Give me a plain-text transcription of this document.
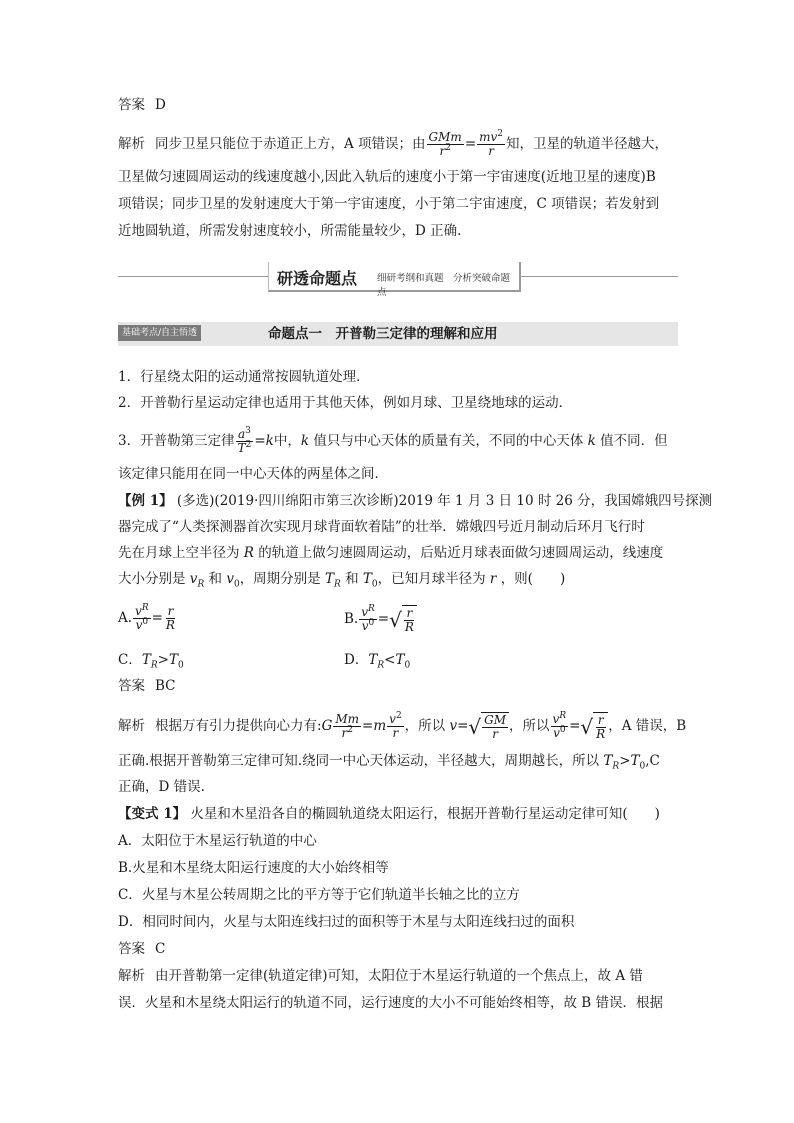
答案 D
解析 同步卫星只能位于赤道正上方，A 项错误；由 $\frac{\text{GMm}}{r^2} = \frac{mv^2}{r}$ 知，卫星的轨道半径越大，
卫星做匀速圆周运动的线速度越小,因此入轨后的速度小于第一宇宙速度(近地卫星的速度)B
项错误；同步卫星的发射速度大于第一宇宙速度，小于第二宇宙速度，C 项错误；若发射到
近地圆轨道，所需发射速度较小，所需能量较少，D 正确.
研透命题点 细研考纲和真题　分析突破命题点
基础考点/自主悟透	命题点一　开普勒三定律的理解和应用
1．行星绕太阳的运动通常按圆轨道处理．
2．开普勒行星运动定律也适用于其他天体，例如月球、卫星绕地球的运动．
3．开普勒第三定律 $\frac{a^3}{T^2} =k$中，k 值只与中心天体的质量有关，不同的中心天体 k 值不同．但
该定律只能用在同一中心天体的两星体之间．
【例 1】 (多选)(2019·四川绵阳市第三次诊断)2019 年 1 月 3 日 10 时 26 分，我国嫦娥四号探测
器完成了“人类探测器首次实现月球背面软着陆”的壮举．嫦娥四号近月制动后环月飞行时
先在月球上空半径为 R 的轨道上做匀速圆周运动，后贴近月球表面做匀速圆周运动，线速度
大小分别是 $v_R$ 和 $v_0$，周期分别是 $T_R$ 和 $T_0$，已知月球半径为 r ，则(　　)
A. $\frac{v^R}{v^0} = \frac{r}{R}$	B. $\frac{v^R}{v^0}$ = √ $\frac{r}{R}$
C．$T_R>T_0$	D．$T_R<T_0$
答案 BC
解析 根据万有引力提供向心力有:G $\frac{Mm}{r^2} =m \frac{v^2}{r}$ ，所以 v= √ $\frac{GM}{r}$ ，所以 $\frac{v^R}{v^0}$ = √ $\frac{r}{R}$ ，A 错误，B
正确.根据开普勒第三定律可知.绕同一中心天体运动，半径越大，周期越长，所以 $T_R>T_0,C$
正确，D 错误.
【变式 1】 火星和木星沿各自的椭圆轨道绕太阳运行，根据开普勒行星运动定律可知(　　)
A．太阳位于木星运行轨道的中心
B.火星和木星绕太阳运行速度的大小始终相等
C．火星与木星公转周期之比的平方等于它们轨道半长轴之比的立方
D．相同时间内，火星与太阳连线扫过的面积等于木星与太阳连线扫过的面积
答案 C
解析 由开普勒第一定律(轨道定律)可知，太阳位于木星运行轨道的一个焦点上，故 A 错
误．火星和木星绕太阳运行的轨道不同，运行速度的大小不可能始终相等，故 B 错误．根据
